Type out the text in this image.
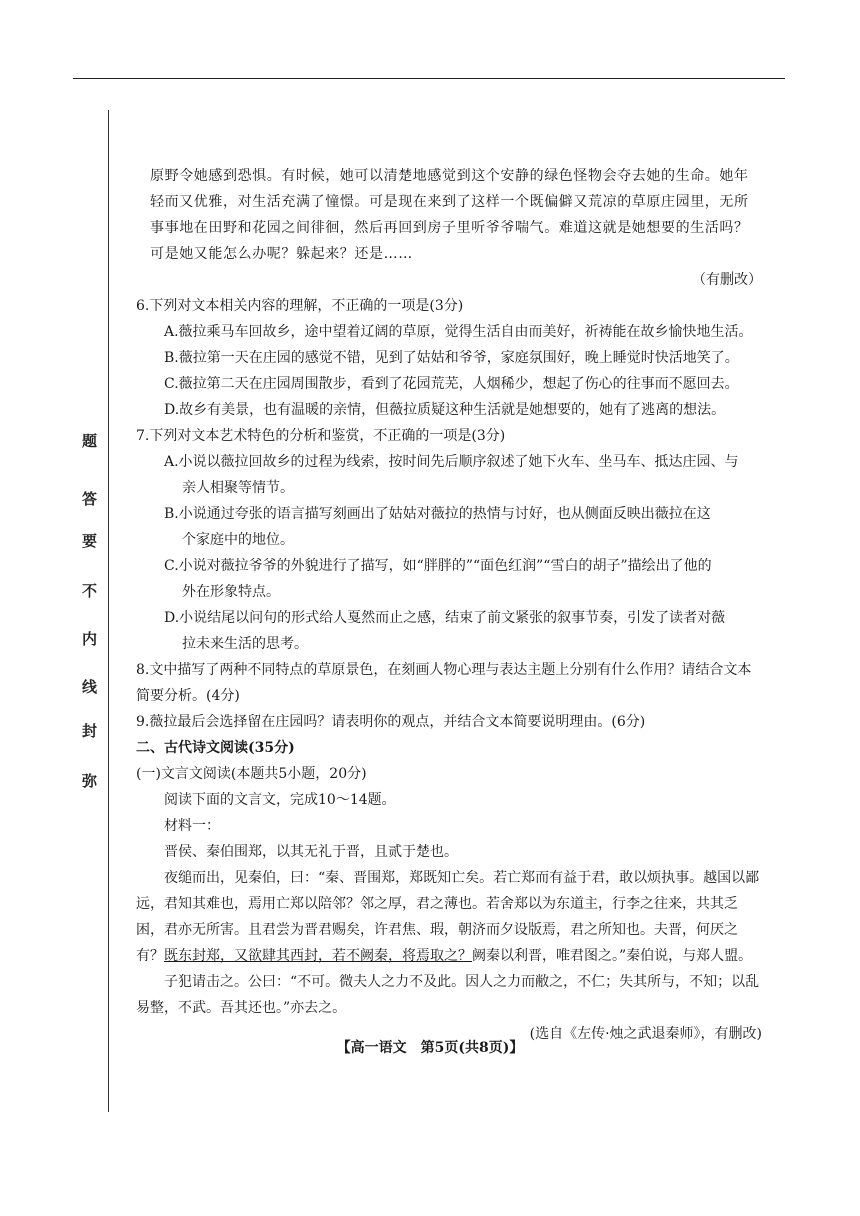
题
答
要
不
内
线
封
弥

原野令她感到恐惧。有时候，她可以清楚地感觉到这个安静的绿色怪物会夺去她的生命。她年轻而又优雅，对生活充满了憧憬。可是现在来到了这样一个既偏僻又荒凉的草原庄园里，无所事事地在田野和花园之间徘徊，然后再回到房子里听爷爷喘气。难道这就是她想要的生活吗？可是她又能怎么办呢？躲起来？还是……

（有删改）

6.下列对文本相关内容的理解，不正确的一项是(3分)

A.薇拉乘马车回故乡，途中望着辽阔的草原，觉得生活自由而美好，祈祷能在故乡愉快地生活。

B.薇拉第一天在庄园的感觉不错，见到了姑姑和爷爷，家庭氛围好，晚上睡觉时快活地笑了。

C.薇拉第二天在庄园周围散步，看到了花园荒芜，人烟稀少，想起了伤心的往事而不愿回去。

D.故乡有美景，也有温暖的亲情，但薇拉质疑这种生活就是她想要的，她有了逃离的想法。

7.下列对文本艺术特色的分析和鉴赏，不正确的一项是(3分)

A.小说以薇拉回故乡的过程为线索，按时间先后顺序叙述了她下火车、坐马车、抵达庄园、与
亲人相聚等情节。
B.小说通过夸张的语言描写刻画出了姑姑对薇拉的热情与讨好，也从侧面反映出薇拉在这
个家庭中的地位。
C.小说对薇拉爷爷的外貌进行了描写，如“胖胖的”“面色红润”“雪白的胡子”描绘出了他的
外在形象特点。
D.小说结尾以问句的形式给人戛然而止之感，结束了前文紧张的叙事节奏，引发了读者对薇
拉未来生活的思考。

8.文中描写了两种不同特点的草原景色，在刻画人物心理与表达主题上分别有什么作用？请结合文本简要分析。(4分)

9.薇拉最后会选择留在庄园吗？请表明你的观点，并结合文本简要说明理由。(6分)

二、古代诗文阅读(35分)

(一)文言文阅读(本题共5小题，20分)

阅读下面的文言文，完成10～14题。

材料一：

晋侯、秦伯围郑，以其无礼于晋，且贰于楚也。

夜缒而出，见秦伯，曰：“秦、晋围郑，郑既知亡矣。若亡郑而有益于君，敢以烦执事。越国以鄙远，君知其难也，焉用亡郑以陪邻？邻之厚，君之薄也。若舍郑以为东道主，行李之往来，共其乏困，君亦无所害。且君尝为晋君赐矣，许君焦、瑕，朝济而夕设版焉，君之所知也。夫晋，何厌之有？既东封郑，又欲肆其西封，若不阙秦，将焉取之？阙秦以利晋，唯君图之。”秦伯说，与郑人盟。

子犯请击之。公曰：“不可。微夫人之力不及此。因人之力而敝之，不仁；失其所与，不知；以乱易整，不武。吾其还也。”亦去之。

(选自《左传·烛之武退秦师》，有删改)

【高一语文　第5页(共8页)】
